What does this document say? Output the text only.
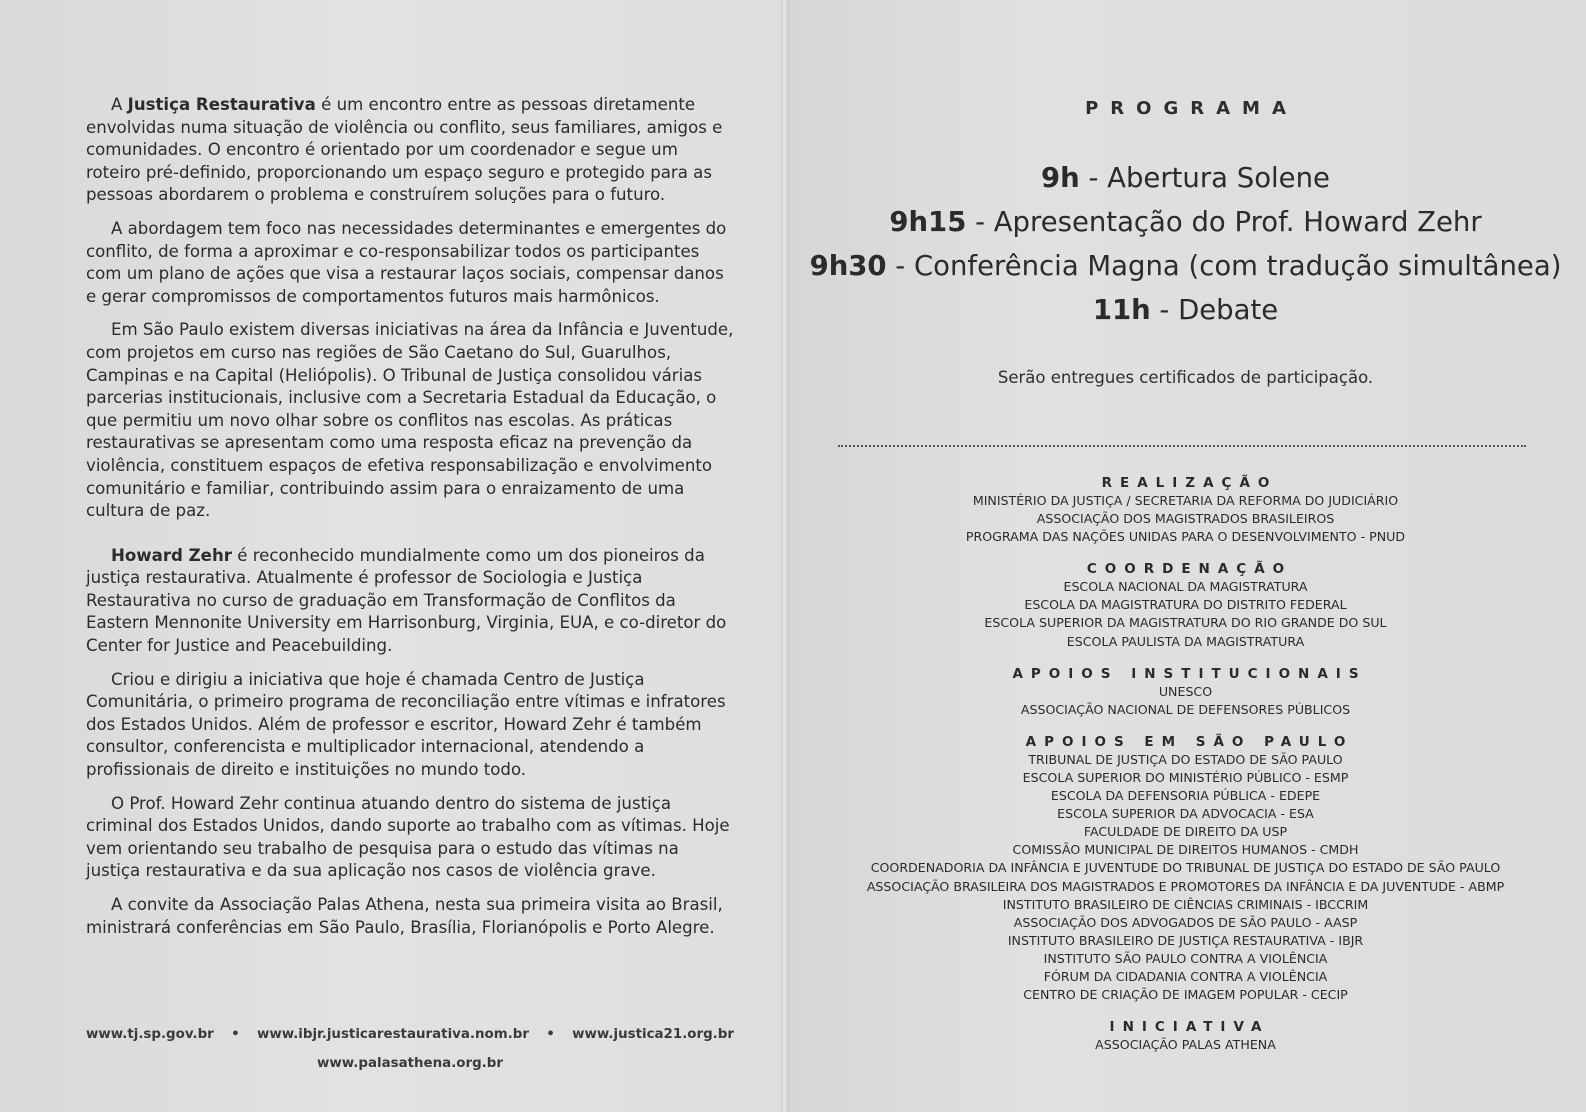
A Justiça Restaurativa é um encontro entre as pessoas diretamente envolvidas numa situação de violência ou conflito, seus familiares, amigos e comunidades. O encontro é orientado por um coordenador e segue um roteiro pré-definido, proporcionando um espaço seguro e protegido para as pessoas abordarem o problema e construírem soluções para o futuro.

A abordagem tem foco nas necessidades determinantes e emergentes do conflito, de forma a aproximar e co-responsabilizar todos os participantes com um plano de ações que visa a restaurar laços sociais, compensar danos e gerar compromissos de comportamentos futuros mais harmônicos.

Em São Paulo existem diversas iniciativas na área da Infância e Juventude, com projetos em curso nas regiões de São Caetano do Sul, Guarulhos, Campinas e na Capital (Heliópolis). O Tribunal de Justiça consolidou várias parcerias institucionais, inclusive com a Secretaria Estadual da Educação, o que permitiu um novo olhar sobre os conflitos nas escolas. As práticas restaurativas se apresentam como uma resposta eficaz na prevenção da violência, constituem espaços de efetiva responsabilização e envolvimento comunitário e familiar, contribuindo assim para o enraizamento de uma cultura de paz.

Howard Zehr é reconhecido mundialmente como um dos pioneiros da justiça restaurativa. Atualmente é professor de Sociologia e Justiça Restaurativa no curso de graduação em Transformação de Conflitos da Eastern Mennonite University em Harrisonburg, Virginia, EUA, e co-diretor do Center for Justice and Peacebuilding.

Criou e dirigiu a iniciativa que hoje é chamada Centro de Justiça Comunitária, o primeiro programa de reconciliação entre vítimas e infratores dos Estados Unidos. Além de professor e escritor, Howard Zehr é também consultor, conferencista e multiplicador internacional, atendendo a profissionais de direito e instituições no mundo todo.

O Prof. Howard Zehr continua atuando dentro do sistema de justiça criminal dos Estados Unidos, dando suporte ao trabalho com as vítimas. Hoje vem orientando seu trabalho de pesquisa para o estudo das vítimas na justiça restaurativa e da sua aplicação nos casos de violência grave.

A convite da Associação Palas Athena, nesta sua primeira visita ao Brasil, ministrará conferências em São Paulo, Brasília, Florianópolis e Porto Alegre.

www.tj.sp.gov.br • www.ibjr.justicarestaurativa.nom.br • www.justica21.org.br
www.palasathena.org.br
PROGRAMA
9h - Abertura Solene
9h15 - Apresentação do Prof. Howard Zehr
9h30 - Conferência Magna (com tradução simultânea)
11h - Debate
Serão entregues certificados de participação.
REALIZAÇÃO
MINISTÉRIO DA JUSTIÇA / SECRETARIA DA REFORMA DO JUDICIÁRIO
ASSOCIAÇÃO DOS MAGISTRADOS BRASILEIROS
PROGRAMA DAS NAÇÕES UNIDAS PARA O DESENVOLVIMENTO - PNUD
COORDENAÇÃO
ESCOLA NACIONAL DA MAGISTRATURA
ESCOLA DA MAGISTRATURA DO DISTRITO FEDERAL
ESCOLA SUPERIOR DA MAGISTRATURA DO RIO GRANDE DO SUL
ESCOLA PAULISTA DA MAGISTRATURA
APOIOS INSTITUCIONAIS
UNESCO
ASSOCIAÇÃO NACIONAL DE DEFENSORES PÚBLICOS
APOIOS EM SÃO PAULO
TRIBUNAL DE JUSTIÇA DO ESTADO DE SÃO PAULO
ESCOLA SUPERIOR DO MINISTÉRIO PÚBLICO - ESMP
ESCOLA DA DEFENSORIA PÚBLICA - EDEPE
ESCOLA SUPERIOR DA ADVOCACIA - ESA
FACULDADE DE DIREITO DA USP
COMISSÃO MUNICIPAL DE DIREITOS HUMANOS - CMDH
COORDENADORIA DA INFÂNCIA E JUVENTUDE DO TRIBUNAL DE JUSTIÇA DO ESTADO DE SÃO PAULO
ASSOCIAÇÃO BRASILEIRA DOS MAGISTRADOS E PROMOTORES DA INFÂNCIA E DA JUVENTUDE - ABMP
INSTITUTO BRASILEIRO DE CIÊNCIAS CRIMINAIS - IBCCRIM
ASSOCIAÇÃO DOS ADVOGADOS DE SÃO PAULO - AASP
INSTITUTO BRASILEIRO DE JUSTIÇA RESTAURATIVA - IBJR
INSTITUTO SÃO PAULO CONTRA A VIOLÊNCIA
FÓRUM DA CIDADANIA CONTRA A VIOLÊNCIA
CENTRO DE CRIAÇÃO DE IMAGEM POPULAR - CECIP
INICIATIVA
ASSOCIAÇÃO PALAS ATHENA
